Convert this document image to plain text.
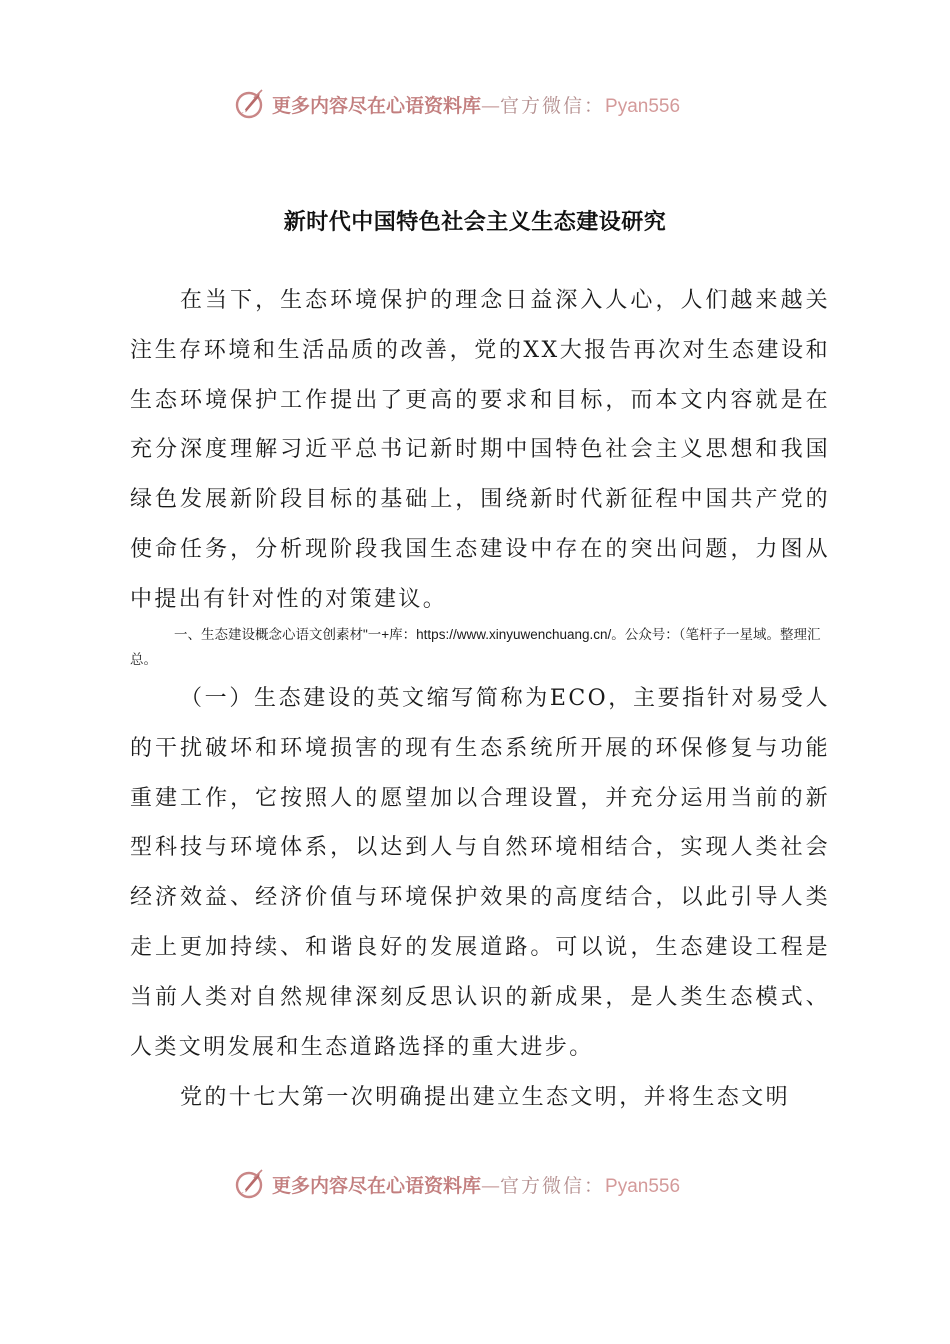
更多内容尽在心语资料库—官方微信：Pyan556
新时代中国特色社会主义生态建设研究

在当下，生态环境保护的理念日益深入人心，人们越来越关注生存环境和生活品质的改善，党的XX大报告再次对生态建设和生态环境保护工作提出了更高的要求和目标，而本文内容就是在充分深度理解习近平总书记新时期中国特色社会主义思想和我国绿色发展新阶段目标的基础上，围绕新时代新征程中国共产党的使命任务，分析现阶段我国生态建设中存在的突出问题，力图从中提出有针对性的对策建议。

一、生态建设概念心语文创素材"一+库：https://www.xinyuwenchuang.cn/。公众号：（笔杆子一星域。整理汇总。

（一）生态建设的英文缩写简称为ECO，主要指针对易受人的干扰破坏和环境损害的现有生态系统所开展的环保修复与功能重建工作，它按照人的愿望加以合理设置，并充分运用当前的新型科技与环境体系，以达到人与自然环境相结合，实现人类社会经济效益、经济价值与环境保护效果的高度结合，以此引导人类走上更加持续、和谐良好的发展道路。可以说，生态建设工程是当前人类对自然规律深刻反思认识的新成果，是人类生态模式、人类文明发展和生态道路选择的重大进步。

党的十七大第一次明确提出建立生态文明，并将生态文明

更多内容尽在心语资料库—官方微信：Pyan556
